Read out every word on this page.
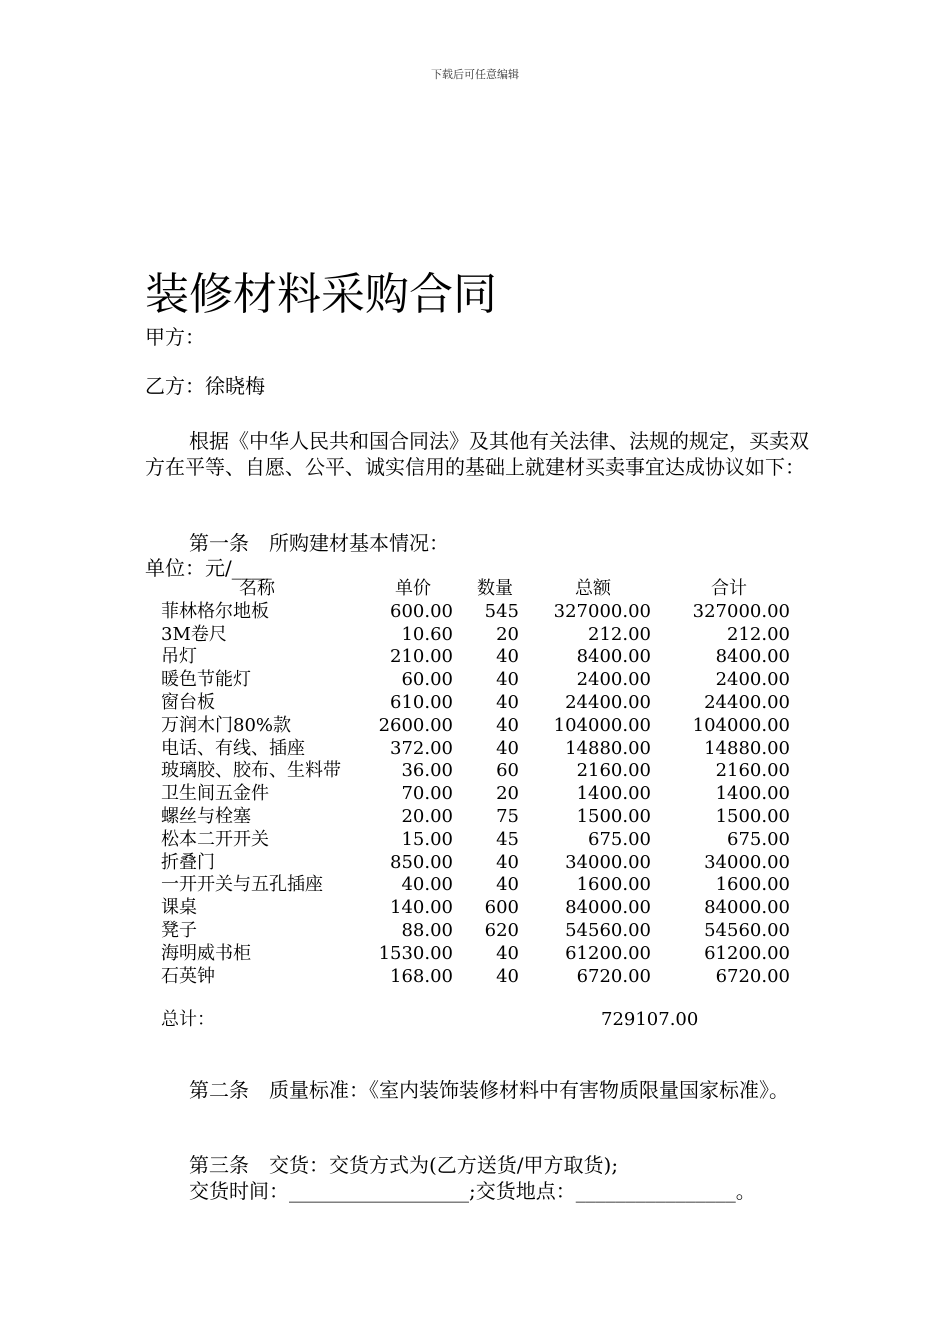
下载后可任意编辑
装修材料采购合同
甲方：
乙方：徐晓梅
根据《中华人民共和国合同法》及其他有关法律、法规的规定，买卖双方在平等、自愿、公平、诚实信用的基础上就建材买卖事宜达成协议如下：
第一条　所购建材基本情况：
单位：元/____
名称	单价	数量	总额	合计
菲林格尔地板	600.00 545 327000.00 327000.00
3M卷尺	10.60 20	212.00	212.00
吊灯	210.00 40	8400.00	8400.00
暖色节能灯	60.00 40	2400.00	2400.00
窗台板	610.00 40	24400.00	24400.00
万润木门80%款	2600.00 40 104000.00 104000.00
电话、有线、插座	372.00 40	14880.00	14880.00
玻璃胶、胶布、生料带	36.00 60	2160.00	2160.00
卫生间五金件	70.00 20	1400.00	1400.00
螺丝与栓塞	20.00 75	1500.00	1500.00
松本二开开关	15.00 45	675.00	675.00
折叠门	850.00 40	34000.00	34000.00
一开开关与五孔插座	40.00 40	1600.00	1600.00
课桌	140.00 600	84000.00	84000.00
凳子	88.00 620	54560.00	54560.00
海明威书柜	1530.00 40	61200.00	61200.00
石英钟	168.00 40	6720.00	6720.00
总计：	729107.00
第二条　质量标准：《室内装饰装修材料中有害物质限量国家标准》。
第三条　交货：交货方式为(乙方送货/甲方取货);
交货时间：__________________;交货地点：________________。
